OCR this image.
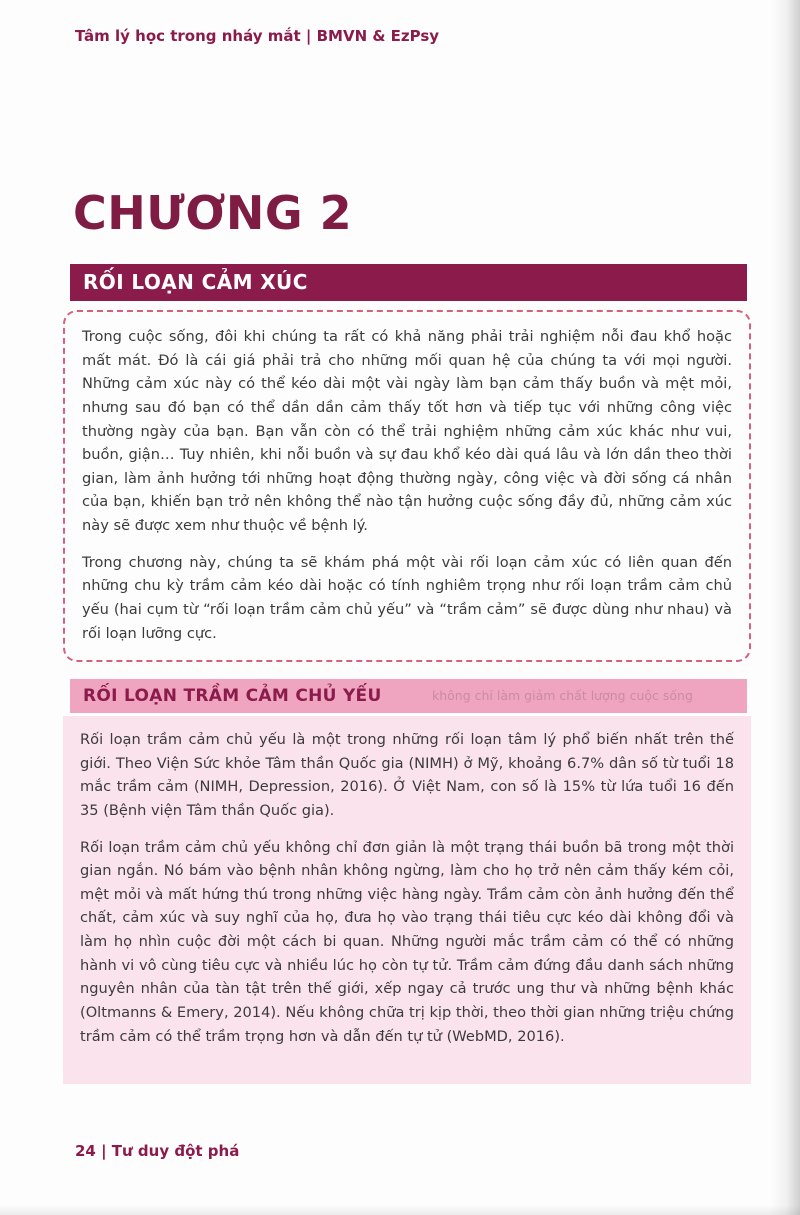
Tâm lý học trong nháy mắt | BMVN & EzPsy
CHƯƠNG 2
RỐI LOẠN CẢM XÚC

Trong cuộc sống, đôi khi chúng ta rất có khả năng phải trải nghiệm nỗi đau khổ hoặc mất mát. Đó là cái giá phải trả cho những mối quan hệ của chúng ta với mọi người. Những cảm xúc này có thể kéo dài một vài ngày làm bạn cảm thấy buồn và mệt mỏi, nhưng sau đó bạn có thể dần dần cảm thấy tốt hơn và tiếp tục với những công việc thường ngày của bạn. Bạn vẫn còn có thể trải nghiệm những cảm xúc khác như vui, buồn, giận… Tuy nhiên, khi nỗi buồn và sự đau khổ kéo dài quá lâu và lớn dần theo thời gian, làm ảnh hưởng tới những hoạt động thường ngày, công việc và đời sống cá nhân của bạn, khiến bạn trở nên không thể nào tận hưởng cuộc sống đầy đủ, những cảm xúc này sẽ được xem như thuộc về bệnh lý.

Trong chương này, chúng ta sẽ khám phá một vài rối loạn cảm xúc có liên quan đến những chu kỳ trầm cảm kéo dài hoặc có tính nghiêm trọng như rối loạn trầm cảm chủ yếu (hai cụm từ “rối loạn trầm cảm chủ yếu” và “trầm cảm” sẽ được dùng như nhau) và rối loạn lưỡng cực.

RỐI LOẠN TRẦM CẢM CHỦ YẾU	không chỉ làm giảm chất lượng cuộc sống

Rối loạn trầm cảm chủ yếu là một trong những rối loạn tâm lý phổ biến nhất trên thế giới. Theo Viện Sức khỏe Tâm thần Quốc gia (NIMH) ở Mỹ, khoảng 6.7% dân số từ tuổi 18 mắc trầm cảm (NIMH, Depression, 2016). Ở Việt Nam, con số là 15% từ lứa tuổi 16 đến 35 (Bệnh viện Tâm thần Quốc gia).

Rối loạn trầm cảm chủ yếu không chỉ đơn giản là một trạng thái buồn bã trong một thời gian ngắn. Nó bám vào bệnh nhân không ngừng, làm cho họ trở nên cảm thấy kém cỏi, mệt mỏi và mất hứng thú trong những việc hàng ngày. Trầm cảm còn ảnh hưởng đến thể chất, cảm xúc và suy nghĩ của họ, đưa họ vào trạng thái tiêu cực kéo dài không đổi và làm họ nhìn cuộc đời một cách bi quan. Những người mắc trầm cảm có thể có những hành vi vô cùng tiêu cực và nhiều lúc họ còn tự tử. Trầm cảm đứng đầu danh sách những nguyên nhân của tàn tật trên thế giới, xếp ngay cả trước ung thư và những bệnh khác (Oltmanns & Emery, 2014). Nếu không chữa trị kịp thời, theo thời gian những triệu chứng trầm cảm có thể trầm trọng hơn và dẫn đến tự tử (WebMD, 2016).

24 | Tư duy đột phá
